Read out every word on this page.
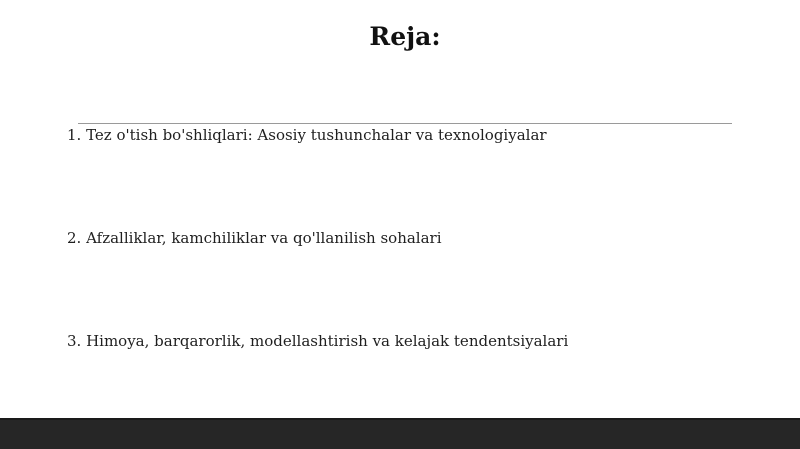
Reja:
1. Tez o'tish bo'shliqlari: Asosiy tushunchalar va texnologiyalar
2. Afzalliklar, kamchiliklar va qo'llanilish sohalari
3. Himoya, barqarorlik, modellashtirish va kelajak tendentsiyalari
